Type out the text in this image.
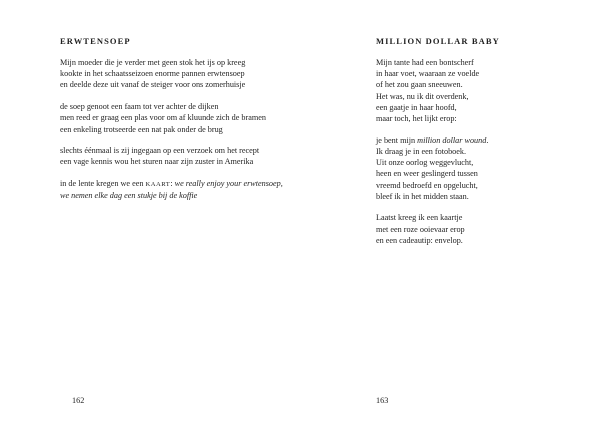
ERWTENSOEP
Mijn moeder die je verder met geen stok het ijs op kreeg
kookte in het schaatsseizoen enorme pannen erwtensoep
en deelde deze uit vanaf de steiger voor ons zomerhuisje
de soep genoot een faam tot ver achter de dijken
men reed er graag een plas voor om af kluunde zich de bramen
een enkeling trotseerde een nat pak onder de brug
slechts éénmaal is zij ingegaan op een verzoek om het recept
een vage kennis wou het sturen naar zijn zuster in Amerika
in de lente kregen we een KAART: we really enjoy your erwtensoep,
we nemen elke dag een stukje bij de koffie
162
MILLION DOLLAR BABY
Mijn tante had een bontscherf
in haar voet, waaraan ze voelde
of het zou gaan sneeuwen.
Het was, nu ik dit overdenk,
een gaatje in haar hoofd,
maar toch, het lijkt erop:
je bent mijn million dollar wound.
Ik draag je in een fotoboek.
Uit onze oorlog weggevlucht,
heen en weer geslingerd tussen
vreemd bedroefd en opgelucht,
bleef ik in het midden staan.
Laatst kreeg ik een kaartje
met een roze ooievaar erop
en een cadeautip: envelop.
163
